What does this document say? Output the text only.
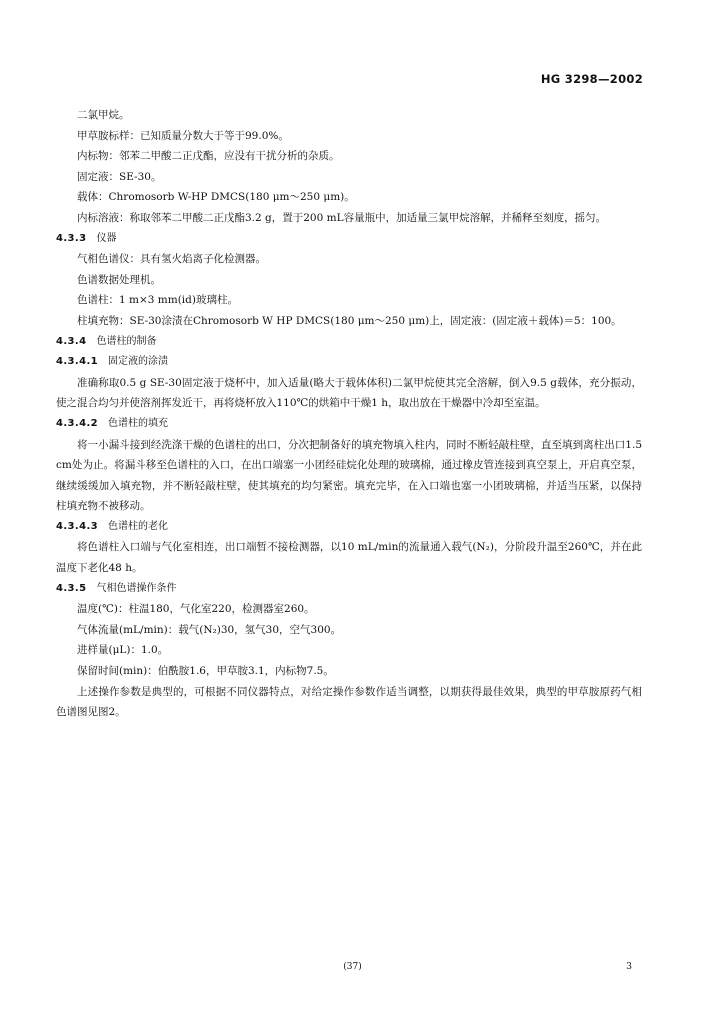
HG 3298—2002

二氯甲烷。

甲草胺标样：已知质量分数大于等于99.0%。

内标物：邻苯二甲酸二正戊酯，应没有干扰分析的杂质。

固定液：SE-30。

载体：Chromosorb W-HP DMCS(180 μm～250 μm)。

内标溶液：称取邻苯二甲酸二正戊酯3.2 g，置于200 mL容量瓶中，加适量三氯甲烷溶解，并稀释至刻度，摇匀。

4.3.3 仪器

气相色谱仪：具有氢火焰离子化检测器。

色谱数据处理机。

色谱柱：1 m×3 mm(id)玻璃柱。

柱填充物：SE-30涂渍在Chromosorb W HP DMCS(180 μm～250 μm)上，固定液：(固定液＋载体)＝5：100。

4.3.4 色谱柱的制备

4.3.4.1 固定液的涂渍

准确称取0.5 g SE-30固定液于烧杯中，加入适量(略大于载体体积)二氯甲烷使其完全溶解，倒入9.5 g载体，充分振动，使之混合均匀并使溶剂挥发近干，再将烧杯放入110℃的烘箱中干燥1 h，取出放在干燥器中冷却至室温。

4.3.4.2 色谱柱的填充

将一小漏斗接到经洗涤干燥的色谱柱的出口，分次把制备好的填充物填入柱内，同时不断轻敲柱壁，直至填到离柱出口1.5 cm处为止。将漏斗移至色谱柱的入口，在出口端塞一小团经硅烷化处理的玻璃棉，通过橡皮管连接到真空泵上，开启真空泵，继续缓缓加入填充物，并不断轻敲柱壁，使其填充的均匀紧密。填充完毕，在入口端也塞一小团玻璃棉，并适当压紧，以保持柱填充物不被移动。

4.3.4.3 色谱柱的老化

将色谱柱入口端与气化室相连，出口端暂不接检测器，以10 mL/min的流量通入载气(N₂)，分阶段升温至260℃，并在此温度下老化48 h。

4.3.5 气相色谱操作条件

温度(℃)：柱温180，气化室220，检测器室260。

气体流量(mL/min)：载气(N₂)30，氢气30，空气300。

进样量(μL)：1.0。

保留时间(min)：伯酰胺1.6，甲草胺3.1，内标物7.5。

上述操作参数是典型的，可根据不同仪器特点，对给定操作参数作适当调整，以期获得最佳效果，典型的甲草胺原药气相色谱图见图2。

(37)	3
